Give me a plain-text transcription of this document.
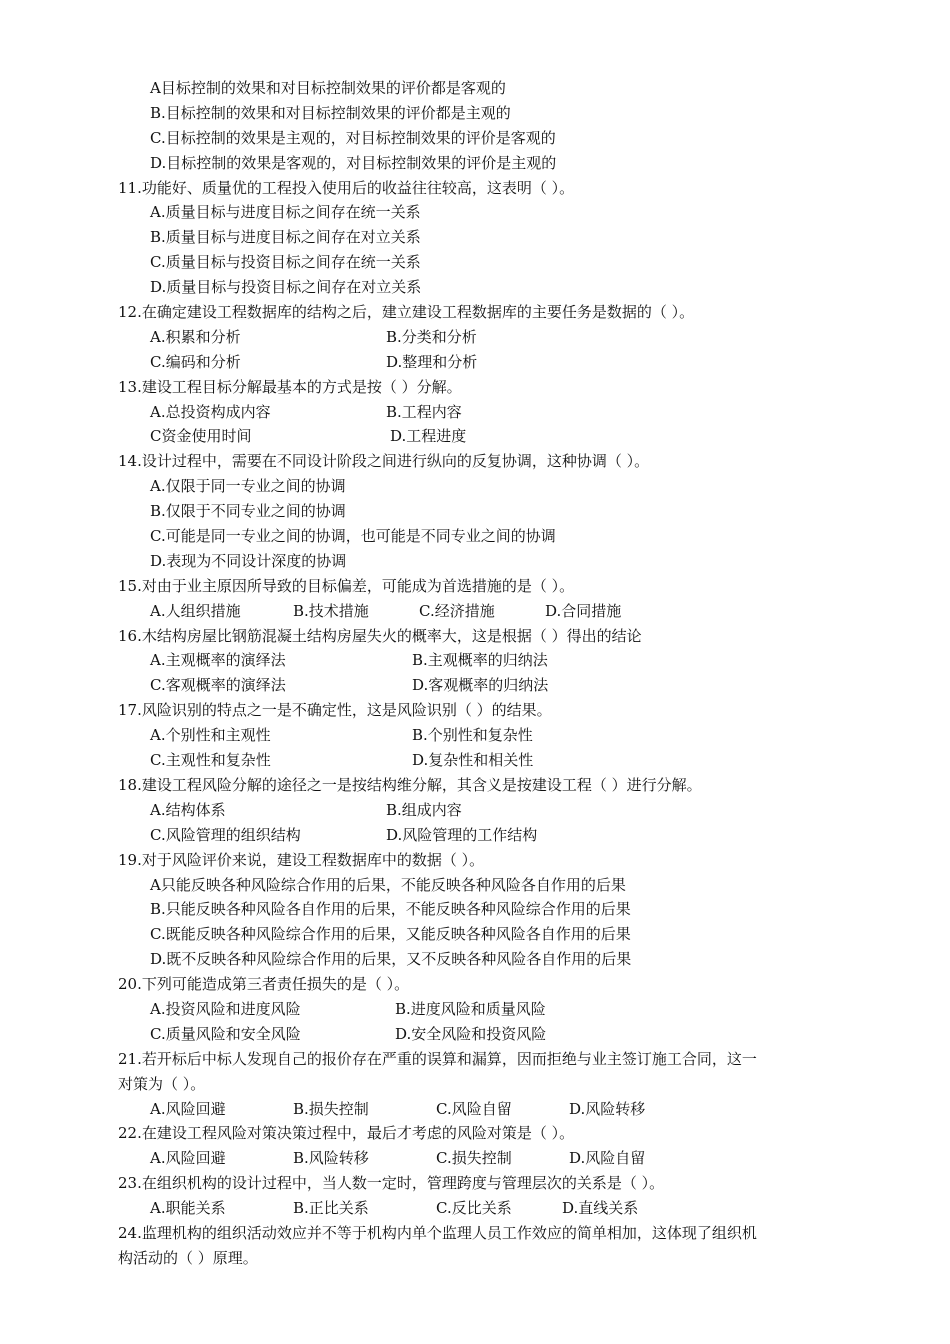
A目标控制的效果和对目标控制效果的评价都是客观的
B.目标控制的效果和对目标控制效果的评价都是主观的
C.目标控制的效果是主观的，对目标控制效果的评价是客观的
D.目标控制的效果是客观的，对目标控制效果的评价是主观的
11.功能好、质量优的工程投入使用后的收益往往较高，这表明（ ）。
A.质量目标与进度目标之间存在统一关系
B.质量目标与进度目标之间存在对立关系
C.质量目标与投资目标之间存在统一关系
D.质量目标与投资目标之间存在对立关系
12.在确定建设工程数据库的结构之后，建立建设工程数据库的主要任务是数据的（ ）。
A.积累和分析	B.分类和分析
C.编码和分析	D.整理和分析
13.建设工程目标分解最基本的方式是按（ ）分解。
A.总投资构成内容	B.工程内容
C资金使用时间	D.工程进度
14.设计过程中，需要在不同设计阶段之间进行纵向的反复协调，这种协调（ ）。
A.仅限于同一专业之间的协调
B.仅限于不同专业之间的协调
C.可能是同一专业之间的协调，也可能是不同专业之间的协调
D.表现为不同设计深度的协调
15.对由于业主原因所导致的目标偏差，可能成为首选措施的是（ ）。
A.人组织措施	B.技术措施	C.经济措施	D.合同措施
16.木结构房屋比钢筋混凝土结构房屋失火的概率大，这是根据（ ）得出的结论
A.主观概率的演绎法	B.主观概率的归纳法
C.客观概率的演绎法	D.客观概率的归纳法
17.风险识别的特点之一是不确定性，这是风险识别（ ）的结果。
A.个别性和主观性	B.个别性和复杂性
C.主观性和复杂性	D.复杂性和相关性
18.建设工程风险分解的途径之一是按结构维分解，其含义是按建设工程（ ）进行分解。
A.结构体系	B.组成内容
C.风险管理的组织结构	D.风险管理的工作结构
19.对于风险评价来说，建设工程数据库中的数据（ ）。
A只能反映各种风险综合作用的后果，不能反映各种风险各自作用的后果
B.只能反映各种风险各自作用的后果，不能反映各种风险综合作用的后果
C.既能反映各种风险综合作用的后果，又能反映各种风险各自作用的后果
D.既不反映各种风险综合作用的后果，又不反映各种风险各自作用的后果
20.下列可能造成第三者责任损失的是（ ）。
A.投资风险和进度风险	B.进度风险和质量风险
C.质量风险和安全风险	D.安全风险和投资风险
21.若开标后中标人发现自己的报价存在严重的误算和漏算，因而拒绝与业主签订施工合同，这一
对策为（ ）。
A.风险回避	B.损失控制	C.风险自留	D.风险转移
22.在建设工程风险对策决策过程中，最后才考虑的风险对策是（ ）。
A.风险回避	B.风险转移	C.损失控制	D.风险自留
23.在组织机构的设计过程中，当人数一定时，管理跨度与管理层次的关系是（ ）。
A.职能关系	B.正比关系	C.反比关系	D.直线关系
24.监理机构的组织活动效应并不等于机构内单个监理人员工作效应的简单相加，这体现了组织机
构活动的（ ）原理。
